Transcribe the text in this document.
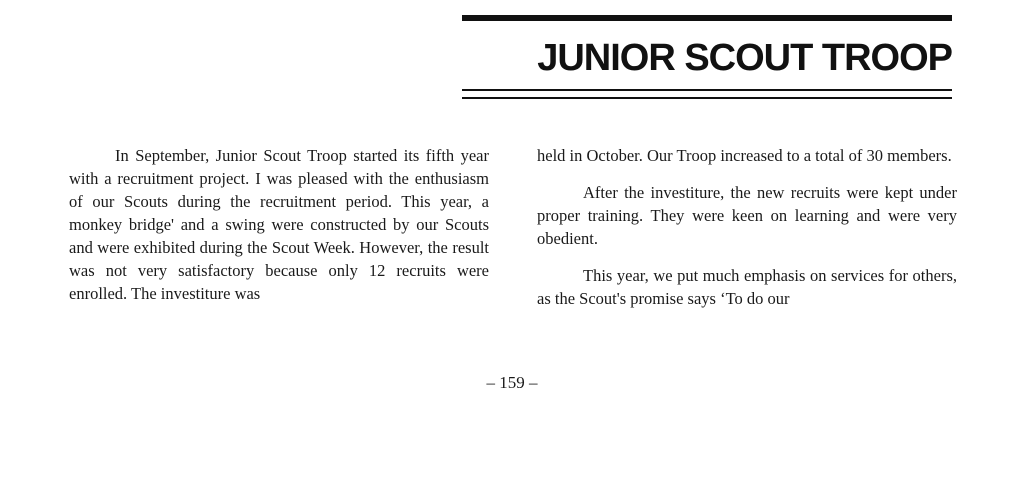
JUNIOR SCOUT TROOP

In September, Junior Scout Troop started its fifth year with a recruitment project. I was pleased with the enthusiasm of our Scouts during the recruitment period. This year, a monkey bridge' and a swing were constructed by our Scouts and were exhibited during the Scout Week. However, the result was not very satisfactory because only 12 recruits were enrolled. The investiture was

held in October. Our Troop increased to a total of 30 members.

After the investiture, the new recruits were kept under proper training. They were keen on learning and were very obedient.

This year, we put much emphasis on services for others, as the Scout's promise says ‘To do our

– 159 –
